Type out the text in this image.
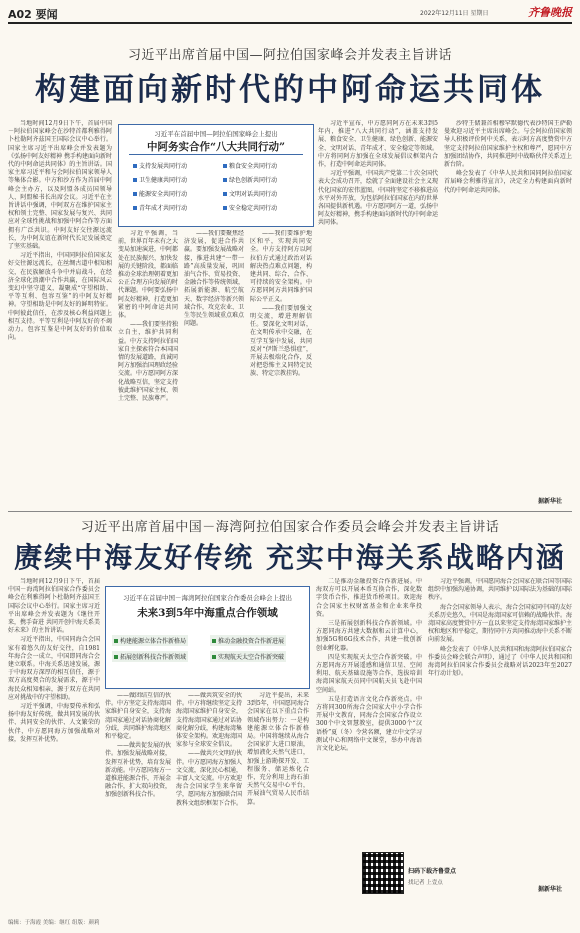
A02 要闻	2022年12月11日 星期日	齐鲁晚报
习近平出席首届中国—阿拉伯国家峰会并发表主旨讲话
构建面向新时代的中阿命运共同体

当地时间12月9日下午，首届中国－阿拉伯国家峰会在沙特首都利雅得阿卜杜勒阿齐兹国王国际会议中心举行。国家主席习近平出席峰会并发表题为《弘扬中阿友好精神 携手构建面向新时代的中阿命运共同体》的主旨讲话。国家主席习近平和与会阿拉伯国家领导人等集体合影。中方和沙方作为首届中阿峰会主办方，以及阿盟各成员国领导人、阿盟秘书长出席会议。习近平在主旨讲话中强调，中阿双方在维护国家主权和领土完整、国家发展与复兴、共同应对全球性挑战和加强中阿合作等方面拥有广泛共识。中阿友好交往源远流长，为中阿友谊在新时代长足发展奠定了坚实基础。

习近平指出，中国同阿拉伯国家友好交往源远流长，在丝绸古道中相知相交，在民族解放斗争中并肩战斗，在经济全球化浪潮中合作共赢，在国际风云变幻中坚守道义，凝聚成“守望相助、平等互利、包容互鉴”的中阿友好精神。守望相助是中阿友好的鲜明特征。中阿彼此信任，在涉及核心利益问题上相互支持。平等互利是中阿友好的不竭动力。包容互鉴是中阿友好的价值取向。

习近平在首届中国—阿拉伯国家峰会上提出
中阿务实合作“八大共同行动”
支持发展共同行动	粮食安全共同行动
卫生健康共同行动	绿色创新共同行动
能源安全共同行动	文明对话共同行动
青年成才共同行动	安全稳定共同行动

习近平强调，当前，世界百年未有之大变局加速演进，中阿都处在民族振兴、加快发展的关键阶段，都面临推动全球治理朝着更加公正合理方向发展的时代课题。中阿要弘扬中阿友好精神，打造更加紧密的中阿命运共同体。

——我们要坚持独立自主，维护共同利益。中方支持阿拉伯国家自主探索符合本国国情的发展道路，真诚同阿方加强治国理政经验交流。中方愿同阿方深化战略互信，坚定支持彼此维护国家主权、领土完整、民族尊严。

——我们要聚焦经济发展，促进合作共赢。要加强发展战略对接，推进共建“一带一路”高质量发展，巩固油气合作、贸易投资、金融合作等传统领域，拓展新能源、航空航天、数字经济等新兴领域合作，攻克农业、卫生等民生领域重点难点问题。

——我们要维护地区和平，实现共同安全。中方支持阿方以阿拉伯方式通过政治对话解决热点难点问题，构建共同、综合、合作、可持续的安全架构。中方愿同阿方共同维护国际公平正义。

——我们要加强文明交流，增进理解信任。要深化文明对话，在文明传承中交融，在互学互鉴中发展，共同反对“伊斯兰恐惧症”，开展去极端化合作，反对把恐怖主义同特定民族、特定宗教挂钩。

习近平宣布，中方愿同阿方在未来3到5年内，推进“八大共同行动”，涵盖支持发展、粮食安全、卫生健康、绿色创新、能源安全、文明对话、青年成才、安全稳定等领域。中方将同阿方加强在全球发展倡议框架内合作，打造中阿命运共同体。

习近平强调，中国共产党第二十次全国代表大会成功召开，绘就了全面建设社会主义现代化国家的宏伟蓝图。中国将坚定不移推进高水平对外开放，为包括阿拉伯国家在内的世界各国提供新机遇。中方愿同阿方一道，弘扬中阿友好精神，携手构建面向新时代的中阿命运共同体。

沙特王储兼首相穆罕默德代表沙特国王萨勒曼欢迎习近平主席出席峰会。与会阿拉伯国家领导人积极评价阿中关系，表示阿方高度赞赏中方坚定支持阿拉伯国家维护主权和尊严，愿同中方加强团结协作，共同推进阿中战略伙伴关系迈上新台阶。

峰会发表了《中华人民共和国同阿拉伯国家首届峰会利雅得宣言》，决定全力构建面向新时代的中阿命运共同体。

据新华社
习近平出席首届中国－海湾阿拉伯国家合作委员会峰会并发表主旨讲话
赓续中海友好传统 充实中海关系战略内涵

当地时间12月9日下午，首届中国－海湾阿拉伯国家合作委员会峰会在利雅得阿卜杜勒阿齐兹国王国际会议中心举行。国家主席习近平出席峰会并发表题为《继往开来，携手奋进 共同开创中海关系美好未来》的主旨讲话。

习近平指出，中国同海合会国家有着悠久的友好交往，自1981年海合会一成立，中国即同海合会建立联系。中海关系迅速发展，源于中海双方深厚的相互信任，源于双方高度契合的发展需求，源于中海民众相知相亲，源于双方在共同应对挑战中的守望相助。

习近平强调，中海要传承和弘扬中海友好传统，做共同发展的伙伴、共同安全的伙伴、人文繁荣的伙伴，中方愿同海方加强战略对接，发挥互补优势。

习近平在首届中国－海湾阿拉伯国家合作委员会峰会上提出
未来3到5年中海重点合作领域
构建能源立体合作新格局	推动金融投资合作新进展
拓展创新科技合作新领域	实现航天太空合作新突破

——做团结互信的伙伴。中方坚定支持海湾国家维护自身安全，支持海湾国家通过对话协商化解分歧，共同维护海湾地区和平稳定。

——做共促发展的伙伴。加强发展战略对接，发挥互补优势，培育发展新动能。中方愿同海方一道推进能源合作，开展金融合作，扩大双向投资，加强创新科技合作。

——做共筑安全的伙伴。中方将继续坚定支持海湾国家维护自身安全，支持海湾国家通过对话协商化解分歧，构建海湾集体安全架构。欢迎海湾国家参与全球安全倡议。

——做共兴文明的伙伴。中方愿同海方加强人文交流，深化民心相通，丰富人文交流。中方欢迎海合会国家学生来华留学，愿同海方加强联合国教科文组织框架下合作。

习近平提出，未来3到5年，中国愿同海合会国家在以下重点合作领域作出努力：一是构建能源立体合作新格局。中国将继续从海合会国家扩大进口原油，增加液化天然气进口，加强上游勘探开发、工程服务、储运炼化合作，充分利用上海石油天然气交易中心平台，开展油气贸易人民币结算。

二是推动金融投资合作新进展。中海双方可以开展本币互换合作，深化数字货币合作，推进货币桥项目。欢迎海合会国家主权财富基金和企业来华投资。

三是拓展创新科技合作新领域。中方愿同海方共建大数据和云计算中心，加强5G和6G技术合作，共建一批创新创业孵化器。

四是实现航天太空合作新突破。中方愿同海方开展遥感和通信卫星、空间利用、航天基础设施等合作，选拔培训海湾国家航天员同中国航天员飞赴中国空间站。

五是打造语言文化合作新亮点。中方将同300所海合会国家大中小学合作开展中文教育，同海合会国家合作设立300个中文智慧教室，提供3000个“汉语桥”夏（冬）令营名额，建立中文学习测试中心和网络中文课堂，举办中海语言文化论坛。

习近平强调，中国愿同海合会国家在联合国等国际组织中加强沟通协调，共同维护以国际法为基础的国际秩序。

海合会国家领导人表示，海合会国家同中国的友好关系历史悠久，中国是海湾国家可信赖的战略伙伴。海湾国家高度赞赏中方一直以来坚定支持海湾国家维护主权和地区和平稳定，期待同中方共同推动海中关系不断向前发展。

峰会发表了《中华人民共和国和海湾阿拉伯国家合作委员会峰会联合声明》，通过了《中华人民共和国和海湾阿拉伯国家合作委员会战略对话2023年至2027年行动计划》。

据新华社
扫码下载齐鲁壹点
找记者 上壹点
编辑：于海霞 美编：继红 组版：颜莉
